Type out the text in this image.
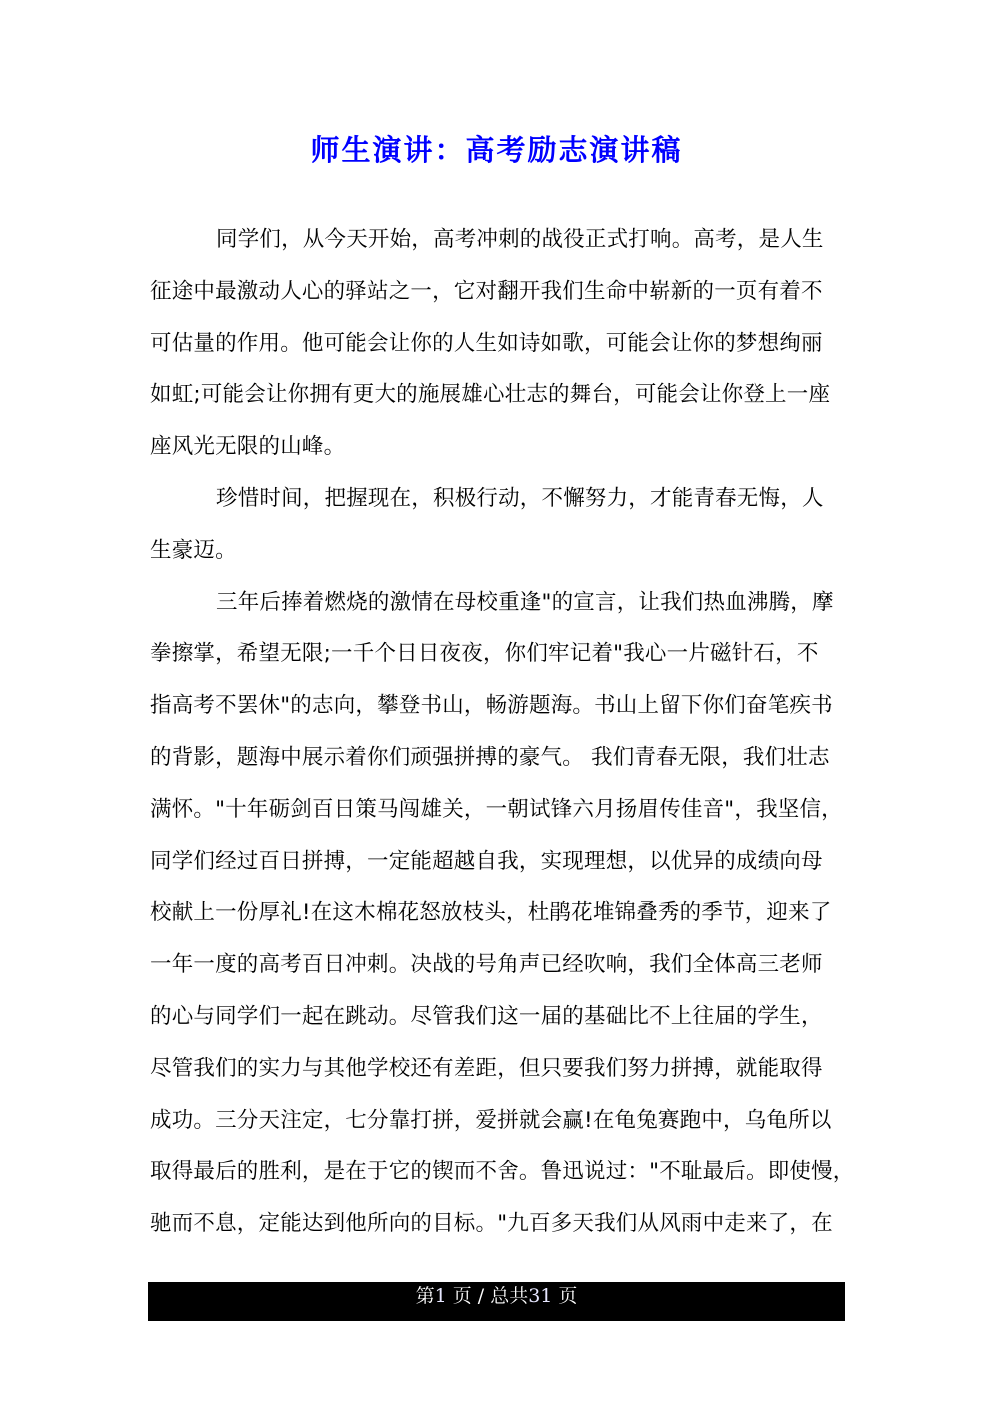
师生演讲：高考励志演讲稿
同学们，从今天开始，高考冲刺的战役正式打响。高考，是人生
征途中最激动人心的驿站之一，它对翻开我们生命中崭新的一页有着不
可估量的作用。他可能会让你的人生如诗如歌，可能会让你的梦想绚丽
如虹;可能会让你拥有更大的施展雄心壮志的舞台，可能会让你登上一座
座风光无限的山峰。
珍惜时间，把握现在，积极行动，不懈努力，才能青春无悔，人
生豪迈。
三年后捧着燃烧的激情在母校重逢"的宣言，让我们热血沸腾，摩
拳擦掌，希望无限;一千个日日夜夜，你们牢记着"我心一片磁针石，不
指高考不罢休"的志向，攀登书山，畅游题海。书山上留下你们奋笔疾书
的背影，题海中展示着你们顽强拼搏的豪气。 我们青春无限，我们壮志
满怀。"十年砺剑百日策马闯雄关，一朝试锋六月扬眉传佳音"，我坚信，
同学们经过百日拼搏，一定能超越自我，实现理想，以优异的成绩向母
校献上一份厚礼!在这木棉花怒放枝头，杜鹃花堆锦叠秀的季节，迎来了
一年一度的高考百日冲刺。决战的号角声已经吹响，我们全体高三老师
的心与同学们一起在跳动。尽管我们这一届的基础比不上往届的学生，
尽管我们的实力与其他学校还有差距，但只要我们努力拼搏，就能取得
成功。三分天注定，七分靠打拼，爱拼就会赢!在龟兔赛跑中，乌龟所以
取得最后的胜利，是在于它的锲而不舍。鲁迅说过："不耻最后。即使慢，
驰而不息，定能达到他所向的目标。"九百多天我们从风雨中走来了，在
第1 页 / 总共31 页
